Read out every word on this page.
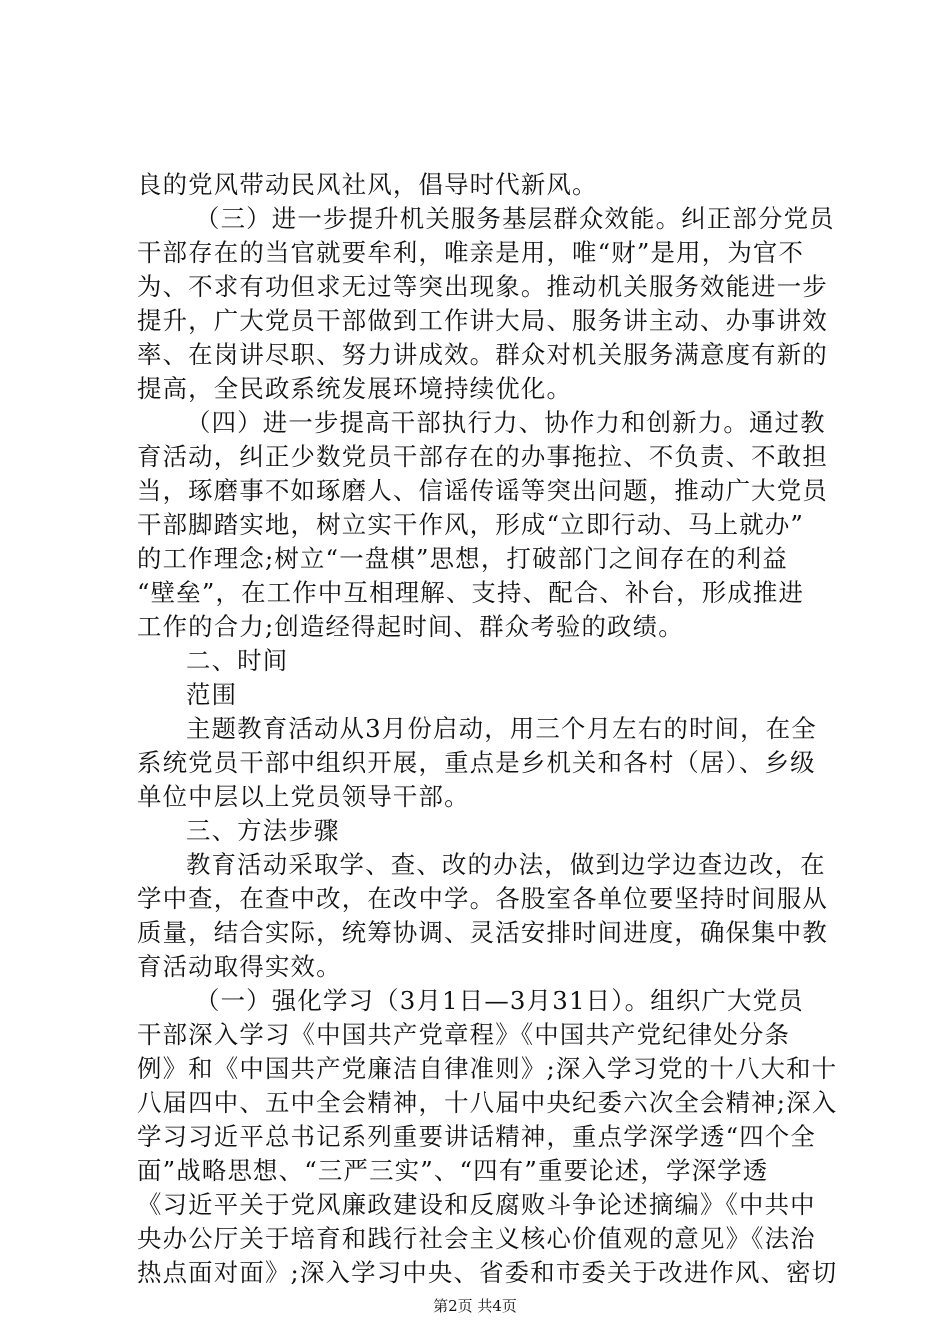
良的党风带动民风社风，倡导时代新风。
（三）进一步提升机关服务基层群众效能。纠正部分党员
干部存在的当官就要牟利，唯亲是用，唯“财”是用，为官不
为、不求有功但求无过等突出现象。推动机关服务效能进一步
提升，广大党员干部做到工作讲大局、服务讲主动、办事讲效
率、在岗讲尽职、努力讲成效。群众对机关服务满意度有新的
提高，全民政系统发展环境持续优化。
（四）进一步提高干部执行力、协作力和创新力。通过教
育活动，纠正少数党员干部存在的办事拖拉、不负责、不敢担
当，琢磨事不如琢磨人、信谣传谣等突出问题，推动广大党员
干部脚踏实地，树立实干作风，形成“立即行动、马上就办”
的工作理念;树立“一盘棋”思想，打破部门之间存在的利益
“壁垒”，在工作中互相理解、支持、配合、补台，形成推进
工作的合力;创造经得起时间、群众考验的政绩。
二、时间
范围
主题教育活动从3月份启动，用三个月左右的时间，在全
系统党员干部中组织开展，重点是乡机关和各村（居）、乡级
单位中层以上党员领导干部。
三、方法步骤
教育活动采取学、查、改的办法，做到边学边查边改，在
学中查，在查中改，在改中学。各股室各单位要坚持时间服从
质量，结合实际，统筹协调、灵活安排时间进度，确保集中教
育活动取得实效。
（一）强化学习（3月1日—3月31日）。组织广大党员
干部深入学习《中国共产党章程》《中国共产党纪律处分条
例》和《中国共产党廉洁自律准则》;深入学习党的十八大和十
八届四中、五中全会精神，十八届中央纪委六次全会精神;深入
学习习近平总书记系列重要讲话精神，重点学深学透“四个全
面”战略思想、“三严三实”、“四有”重要论述，学深学透
《习近平关于党风廉政建设和反腐败斗争论述摘编》《中共中
央办公厅关于培育和践行社会主义核心价值观的意见》《法治
热点面对面》;深入学习中央、省委和市委关于改进作风、密切
第2页 共4页
